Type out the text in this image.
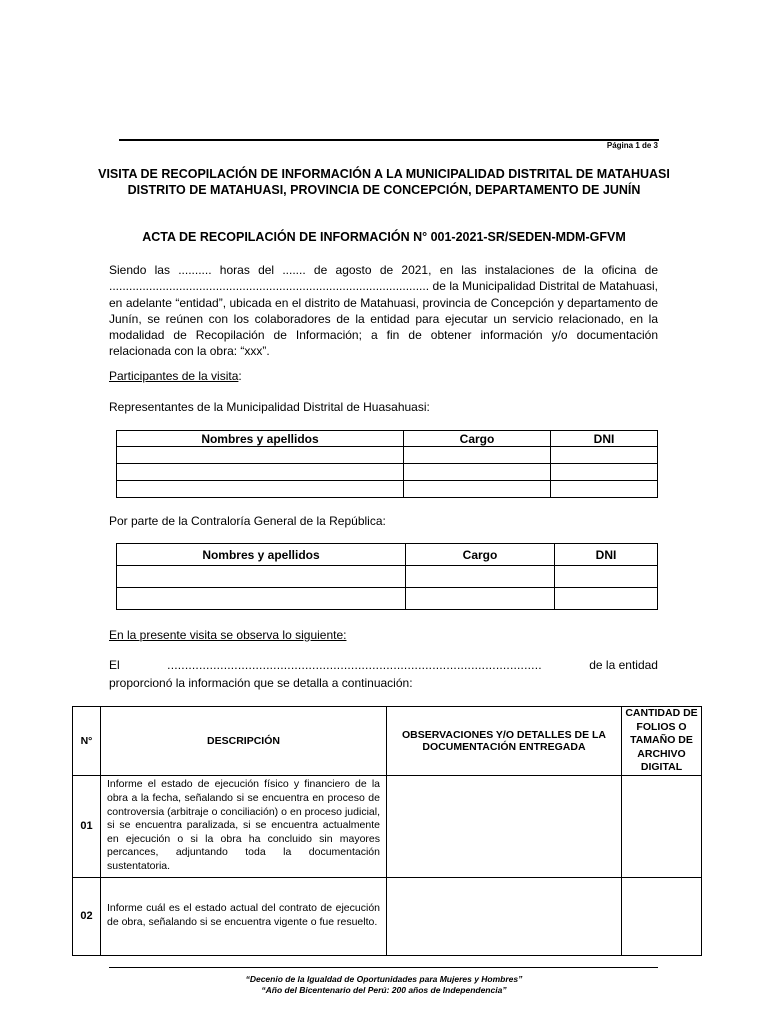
Página 1 de 3
VISITA DE RECOPILACIÓN DE INFORMACIÓN A LA MUNICIPALIDAD DISTRITAL DE MATAHUASI
DISTRITO DE MATAHUASI, PROVINCIA DE CONCEPCIÓN, DEPARTAMENTO DE JUNÍN
ACTA DE RECOPILACIÓN DE INFORMACIÓN N° 001-2021-SR/SEDEN-MDM-GFVM
Siendo las .......... horas del ....... de agosto de 2021, en las instalaciones de la oficina de ................................................................................................ de la Municipalidad Distrital de Matahuasi, en adelante “entidad”, ubicada en el distrito de Matahuasi, provincia de Concepción y departamento de Junín, se reúnen con los colaboradores de la entidad para ejecutar un servicio relacionado, en la modalidad de Recopilación de Información; a fin de obtener información y/o documentación relacionada con la obra: “xxx”.
Participantes de la visita:
Representantes de la Municipalidad Distrital de Huasahuasi:
Nombres y apellidos	Cargo	DNI

Por parte de la Contraloría General de la República:
Nombres y apellidos	Cargo	DNI

En la presente visita se observa lo siguiente:
El	..........................................................................................................	de la entidad
proporcionó la información que se detalla a continuación:
N°	DESCRIPCIÓN	OBSERVACIONES Y/O DETALLES DE LA DOCUMENTACIÓN ENTREGADA	CANTIDAD DE FOLIOS O TAMAÑO DE ARCHIVO DIGITAL
01	Informe el estado de ejecución físico y financiero de la obra a la fecha, señalando si se encuentra en proceso de controversia (arbitraje o conciliación) o en proceso judicial, si se encuentra paralizada, si se encuentra actualmente en ejecución o si la obra ha concluido sin mayores percances, adjuntando toda la documentación sustentatoria.		
02	Informe cuál es el estado actual del contrato de ejecución de obra, señalando si se encuentra vigente o fue resuelto.		
“Decenio de la Igualdad de Oportunidades para Mujeres y Hombres”
“Año del Bicentenario del Perú: 200 años de Independencia”
